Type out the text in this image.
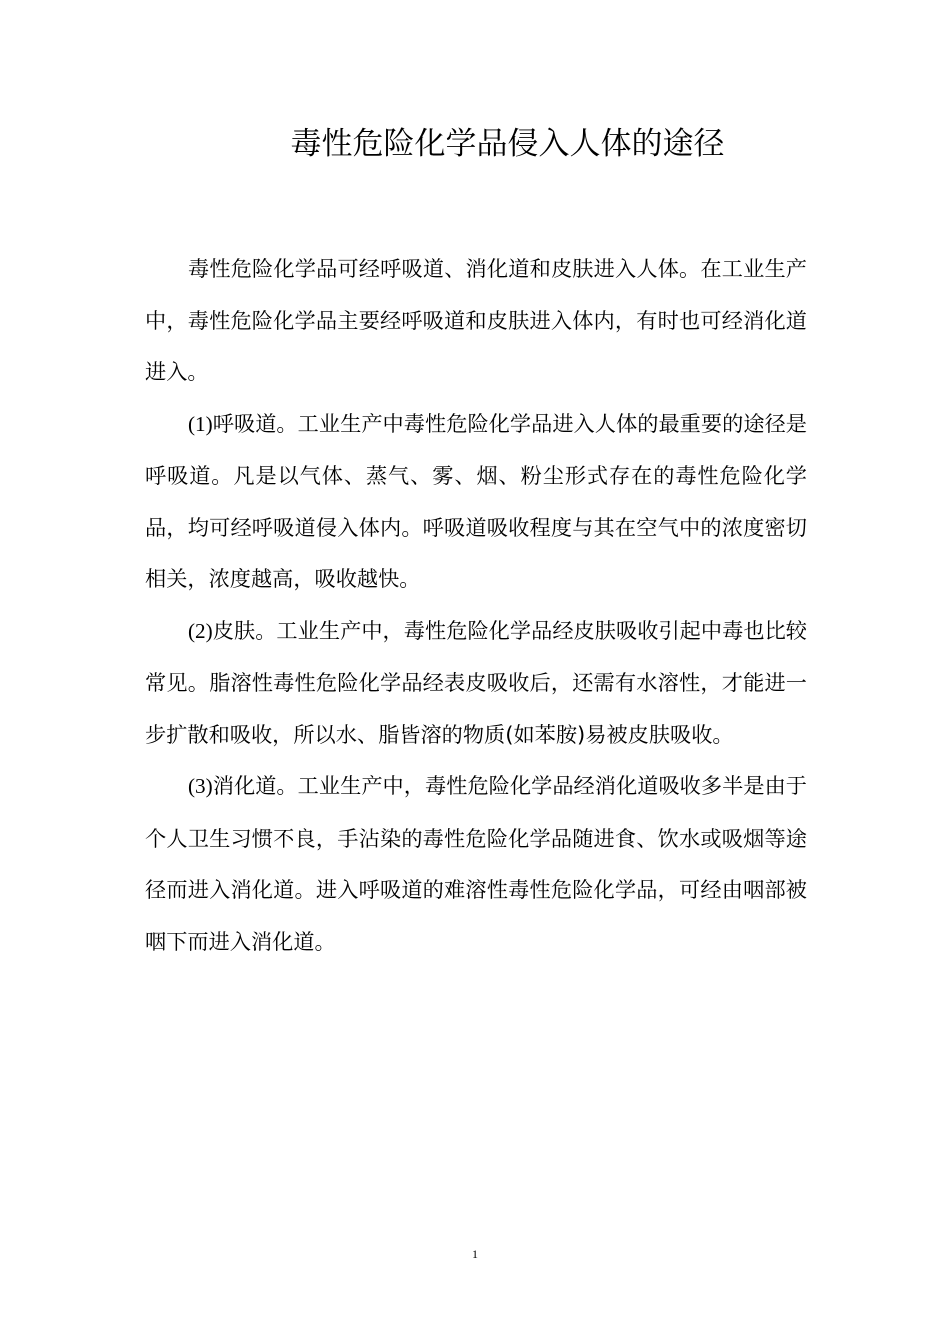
毒性危险化学品侵入人体的途径

毒性危险化学品可经呼吸道、消化道和皮肤进入人体。在工业生产中，毒性危险化学品主要经呼吸道和皮肤进入体内，有时也可经消化道进入。

(1)呼吸道。工业生产中毒性危险化学品进入人体的最重要的途径是呼吸道。凡是以气体、蒸气、雾、烟、粉尘形式存在的毒性危险化学品，均可经呼吸道侵入体内。呼吸道吸收程度与其在空气中的浓度密切相关，浓度越高，吸收越快。

(2)皮肤。工业生产中，毒性危险化学品经皮肤吸收引起中毒也比较常见。脂溶性毒性危险化学品经表皮吸收后，还需有水溶性，才能进一步扩散和吸收，所以水、脂皆溶的物质(如苯胺)易被皮肤吸收。

(3)消化道。工业生产中，毒性危险化学品经消化道吸收多半是由于个人卫生习惯不良，手沾染的毒性危险化学品随进食、饮水或吸烟等途径而进入消化道。进入呼吸道的难溶性毒性危险化学品，可经由咽部被咽下而进入消化道。

1
